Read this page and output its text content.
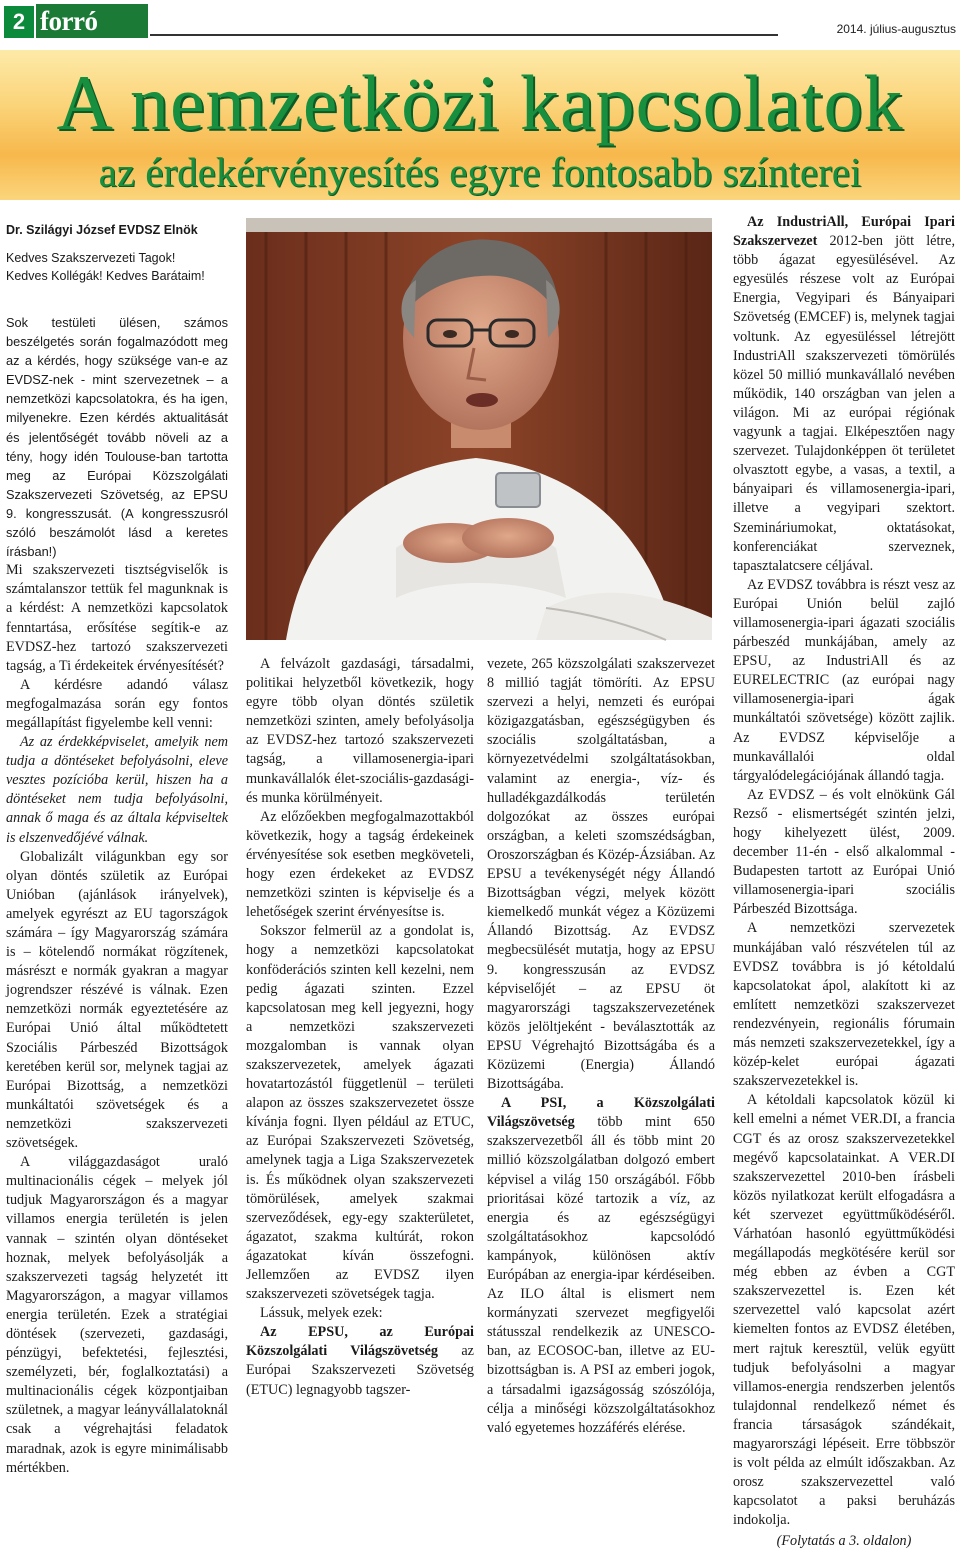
2 forró	2014. július-augusztus
A nemzetközi kapcsolatok
az érdekérvényesítés egyre fontosabb színterei
Dr. Szilágyi József EVDSZ Elnök
Kedves Szakszervezeti Tagok!
Kedves Kollégák! Kedves Barátaim!

Sok testületi ülésen, számos beszélgetés során fogalmazódott meg az a kérdés, hogy szüksége van-e az EVDSZ-nek - mint szervezetnek – a nemzetközi kapcsolatokra, és ha igen, milyenekre. Ezen kérdés aktualitását és jelentőségét tovább növeli az a tény, hogy idén Toulouse-ban tartotta meg az Európai Közszolgálati Szakszervezeti Szövetség, az EPSU 9. kongresszusát. (A kongresszusról szóló beszámolót lásd a keretes írásban!)

Mi szakszervezeti tisztségviselők is számtalanszor tettük fel magunknak is a kérdést: A nemzetközi kapcsolatok fenntartása, erősítése segítik-e az EVDSZ-hez tartozó szakszervezeti tagság, a Ti érdekeitek érvényesítését?

A kérdésre adandó válasz megfogalmazása során egy fontos megállapítást figyelembe kell venni:

Az az érdekképviselet, amelyik nem tudja a döntéseket befolyásolni, eleve vesztes pozícióba kerül, hiszen ha a döntéseket nem tudja befolyásolni, annak ő maga és az általa képviseltek is elszenvedőjévé válnak.

Globalizált világunkban egy sor olyan döntés születik az Európai Unióban (ajánlások irányelvek), amelyek egyrészt az EU tagországok számára – így Magyarország számára is – kötelendő normákat rögzítenek, másrészt e normák gyakran a magyar jogrendszer részévé is válnak. Ezen nemzetközi normák egyeztetésére az Európai Unió által működtetett Szociális Párbeszéd Bizottságok keretében kerül sor, melynek tagjai az Európai Bizottság, a nemzetközi munkáltatói szövetségek és a nemzetközi szakszervezeti szövetségek.

A világgazdaságot uraló multinacionális cégek – melyek jól tudjuk Magyarországon és a magyar villamos energia területén is jelen vannak – szintén olyan döntéseket hoznak, melyek befolyásolják a szakszervezeti tagság helyzetét itt Magyarországon, a magyar villamos energia területén. Ezek a stratégiai döntések (szervezeti, gazdasági, pénzügyi, befektetési, fejlesztési, személyzeti, bér, foglalkoztatási) a multinacionális cégek központjaiban születnek, a magyar leányvállalatoknál csak a végrehajtási feladatok maradnak, azok is egyre minimálisabb mértékben.

A felvázolt gazdasági, társadalmi, politikai helyzetből következik, hogy egyre több olyan döntés születik nemzetközi szinten, amely befolyásolja az EVDSZ-hez tartozó szakszervezeti tagság, a villamosenergia-ipari munkavállalók élet-szociális-gazdasági- és munka körülményeit.

Az előzőekben megfogalmazottakból következik, hogy a tagság érdekeinek érvényesítése sok esetben megköveteli, hogy ezen érdekeket az EVDSZ nemzetközi szinten is képviselje és a lehetőségek szerint érvényesítse is.

Sokszor felmerül az a gondolat is, hogy a nemzetközi kapcsolatokat konföderációs szinten kell kezelni, nem pedig ágazati szinten. Ezzel kapcsolatosan meg kell jegyezni, hogy a nemzetközi szakszervezeti mozgalomban is vannak olyan szakszervezetek, amelyek ágazati hovatartozástól függetlenül – területi alapon az összes szakszervezetet össze kívánja fogni. Ilyen például az ETUC, az Európai Szakszervezeti Szövetség, amelynek tagja a Liga Szakszervezetek is. És működnek olyan szakszervezeti tömörülések, amelyek szakmai szerveződések, egy-egy szakterületet, ágazatot, szakma kultúrát, rokon ágazatokat kíván összefogni. Jellemzően az EVDSZ ilyen szakszervezeti szövetségek tagja.

Lássuk, melyek ezek:

Az EPSU, az Európai Közszolgálati Világszövetség az Európai Szakszervezeti Szövetség (ETUC) legnagyobb tagszer-

vezete, 265 közszolgálati szakszervezet 8 millió tagját tömöríti. Az EPSU szervezi a helyi, nemzeti és európai közigazgatásban, egészségügyben és szociális szolgáltatásban, a környezetvédelmi szolgáltatásokban, valamint az energia-, víz- és hulladékgazdálkodás területén dolgozókat az összes európai országban, a keleti szomszédságban, Oroszországban és Közép-Ázsiában. Az EPSU a tevékenységét négy Állandó Bizottságban végzi, melyek között kiemelkedő munkát végez a Közüzemi Állandó Bizottság. Az EVDSZ megbecsülését mutatja, hogy az EPSU 9. kongresszusán az EVDSZ képviselőjét – az EPSU öt magyarországi tagszakszervezetének közös jelöltjeként - beválasztották az EPSU Végrehajtó Bizottságába és a Közüzemi (Energia) Állandó Bizottságába.

A PSI, a Közszolgálati Világszövetség több mint 650 szakszervezetből áll és több mint 20 millió közszolgálatban dolgozó embert képvisel a világ 150 országából. Főbb prioritásai közé tartozik a víz, az energia és az egészségügyi szolgáltatásokhoz kapcsolódó kampányok, különösen aktív Európában az energia-ipar kérdéseiben. Az ILO által is elismert nem kormányzati szervezet megfigyelői státusszal rendelkezik az UNESCO-ban, az ECOSOC-ban, illetve az EU-bizottságban is. A PSI az emberi jogok, a társadalmi igazságosság szószólója, célja a minőségi közszolgáltatásokhoz való egyetemes hozzáférés elérése.

Az IndustriAll, Európai Ipari Szakszervezet 2012-ben jött létre, több ágazat egyesülésével. Az egyesülés részese volt az Európai Energia, Vegyipari és Bányaipari Szövetség (EMCEF) is, melynek tagjai voltunk. Az egyesüléssel létrejött IndustriAll szakszervezeti tömörülés közel 50 millió munkavállaló nevében működik, 140 országban van jelen a világon. Mi az európai régiónak vagyunk a tagjai. Elképesztően nagy szervezet. Tulajdonképpen öt területet olvasztott egybe, a vasas, a textil, a bányaipari és villamosenergia-ipari, illetve a vegyipari szektort. Szemináriumokat, oktatásokat, konferenciákat szerveznek, tapasztalatcsere céljával.

Az EVDSZ továbbra is részt vesz az Európai Unión belül zajló villamosenergia-ipari ágazati szociális párbeszéd munkájában, amely az EPSU, az IndustriAll és az EURELECTRIC (az európai nagy villamosenergia-ipari ágak munkáltatói szövetsége) között zajlik. Az EVDSZ képviselője a munkavállalói oldal tárgyalódelegációjának állandó tagja.

Az EVDSZ – és volt elnökünk Gál Rezső - elismertségét szintén jelzi, hogy kihelyezett ülést, 2009. december 11-én - első alkalommal - Budapesten tartott az Európai Unió villamosenergia-ipari szociális Párbeszéd Bizottsága.

A nemzetközi szervezetek munkájában való részvételen túl az EVDSZ továbbra is jó kétoldalú kapcsolatokat ápol, alakított ki az említett nemzetközi szakszervezet rendezvényein, regionális fórumain más nemzeti szakszervezetekkel, így a közép-kelet európai ágazati szakszervezetekkel is.

A kétoldali kapcsolatok közül ki kell emelni a német VER.DI, a francia CGT és az orosz szakszervezetekkel megévő kapcsolatainkat. A VER.DI szakszervezettel 2010-ben írásbeli közös nyilatkozat került elfogadásra a két szervezet együttműködéséről. Várhatóan hasonló együttműködési megállapodás megkötésére kerül sor még ebben az évben a CGT szakszervezettel is. Ezen két szervezettel való kapcsolat azért kiemelten fontos az EVDSZ életében, mert rajtuk keresztül, velük együtt tudjuk befolyásolni a magyar villamos-energia rendszerben jelentős tulajdonnal rendelkező német és francia társaságok szándékait, magyarországi lépéseit. Erre többször is volt példa az elmúlt időszakban. Az orosz szakszervezettel való kapcsolatot a paksi beruházás indokolja.

(Folytatás a 3. oldalon)
